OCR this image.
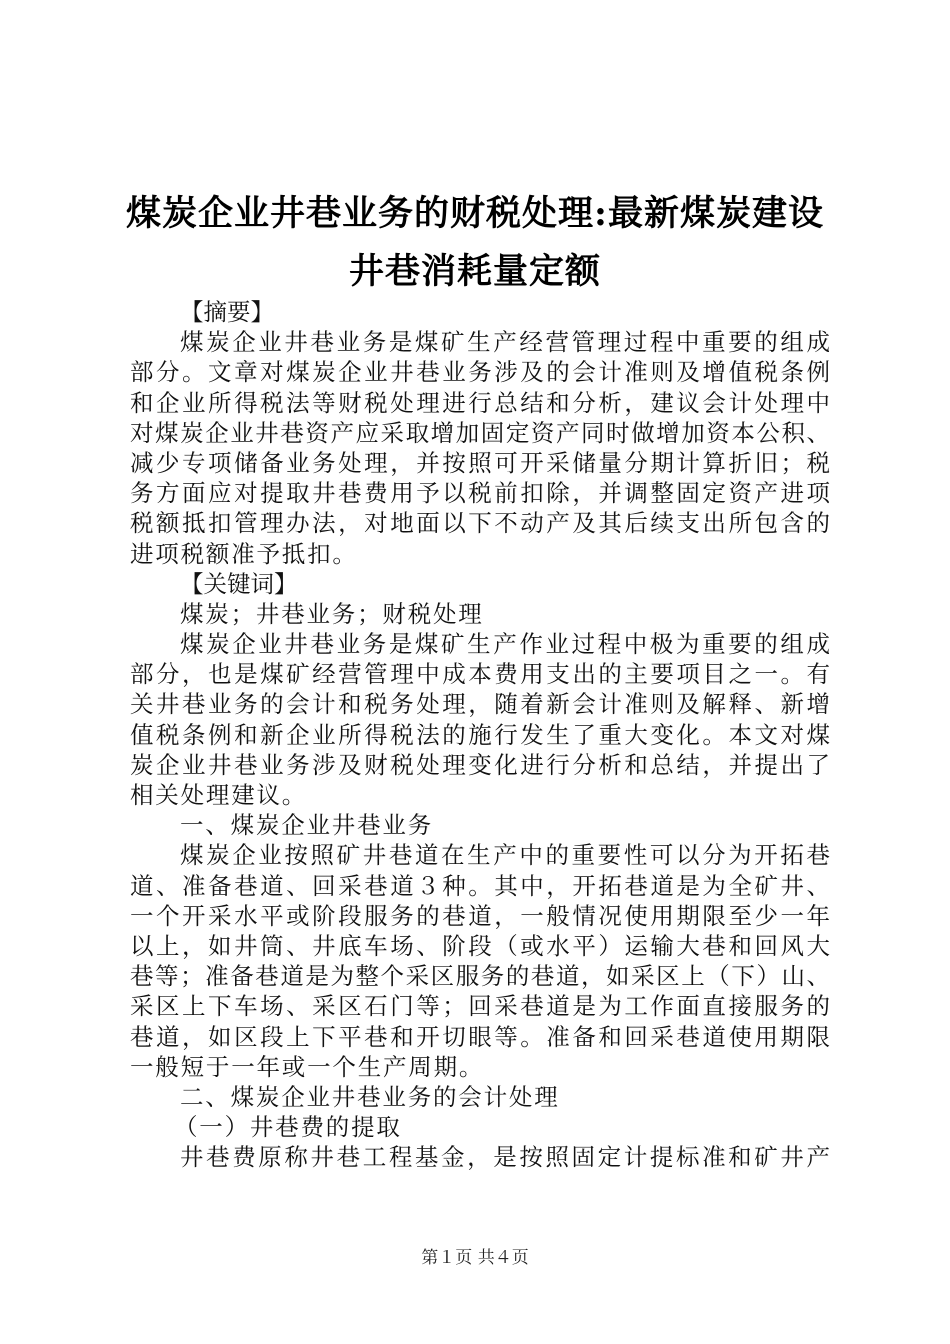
煤炭企业井巷业务的财税处理:最新煤炭建设
井巷消耗量定额
【摘要】
煤炭企业井巷业务是煤矿生产经营管理过程中重要的组成
部分。文章对煤炭企业井巷业务涉及的会计准则及增值税条例
和企业所得税法等财税处理进行总结和分析，建议会计处理中
对煤炭企业井巷资产应采取增加固定资产同时做增加资本公积、
减少专项储备业务处理，并按照可开采储量分期计算折旧；税
务方面应对提取井巷费用予以税前扣除，并调整固定资产进项
税额抵扣管理办法，对地面以下不动产及其后续支出所包含的
进项税额准予抵扣。
【关键词】
煤炭；井巷业务；财税处理
煤炭企业井巷业务是煤矿生产作业过程中极为重要的组成
部分，也是煤矿经营管理中成本费用支出的主要项目之一。有
关井巷业务的会计和税务处理，随着新会计准则及解释、新增
值税条例和新企业所得税法的施行发生了重大变化。本文对煤
炭企业井巷业务涉及财税处理变化进行分析和总结，并提出了
相关处理建议。
一、煤炭企业井巷业务
煤炭企业按照矿井巷道在生产中的重要性可以分为开拓巷
道、准备巷道、回采巷道３种。其中，开拓巷道是为全矿井、
一个开采水平或阶段服务的巷道，一般情况使用期限至少一年
以上，如井筒、井底车场、阶段（或水平）运输大巷和回风大
巷等；准备巷道是为整个采区服务的巷道，如采区上（下）山、
采区上下车场、采区石门等；回采巷道是为工作面直接服务的
巷道，如区段上下平巷和开切眼等。准备和回采巷道使用期限
一般短于一年或一个生产周期。
二、煤炭企业井巷业务的会计处理
（一）井巷费的提取
井巷费原称井巷工程基金，是按照固定计提标准和矿井产
第１页 共４页
